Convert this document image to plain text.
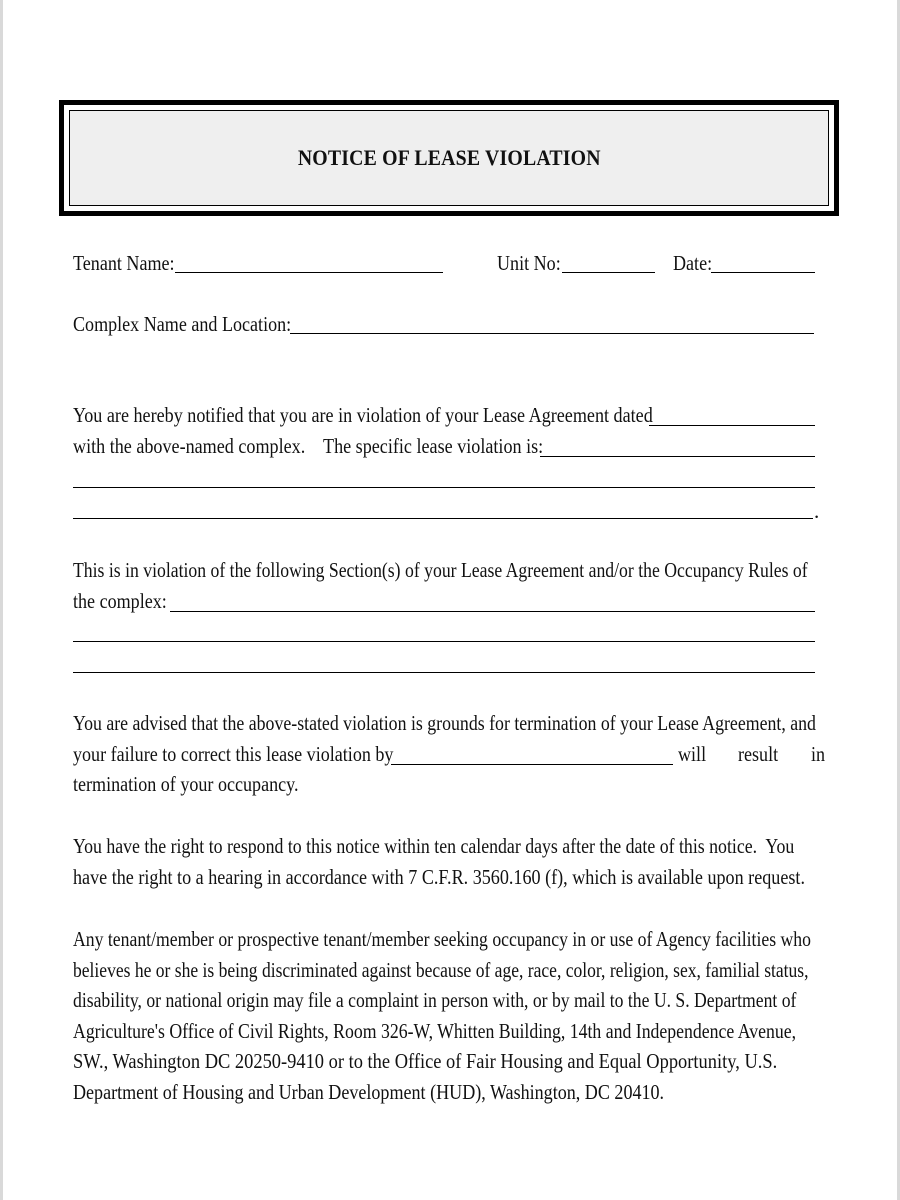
NOTICE OF LEASE VIOLATION
Tenant Name:	Unit No:	Date:
Complex Name and Location:
You are hereby notified that you are in violation of your Lease Agreement dated
with the above-named complex.    The specific lease violation is:
.
This is in violation of the following Section(s) of your Lease Agreement and/or the Occupancy Rules of
the complex:
You are advised that the above-stated violation is grounds for termination of your Lease Agreement, and
your failure to correct this lease violation by	will result in
termination of your occupancy.
You have the right to respond to this notice within ten calendar days after the date of this notice.  You
have the right to a hearing in accordance with 7 C.F.R. 3560.160 (f), which is available upon request.
Any tenant/member or prospective tenant/member seeking occupancy in or use of Agency facilities who
believes he or she is being discriminated against because of age, race, color, religion, sex, familial status,
disability, or national origin may file a complaint in person with, or by mail to the U. S. Department of
Agriculture's Office of Civil Rights, Room 326-W, Whitten Building, 14th and Independence Avenue,
SW., Washington DC 20250-9410 or to the Office of Fair Housing and Equal Opportunity, U.S.
Department of Housing and Urban Development (HUD), Washington, DC 20410.
